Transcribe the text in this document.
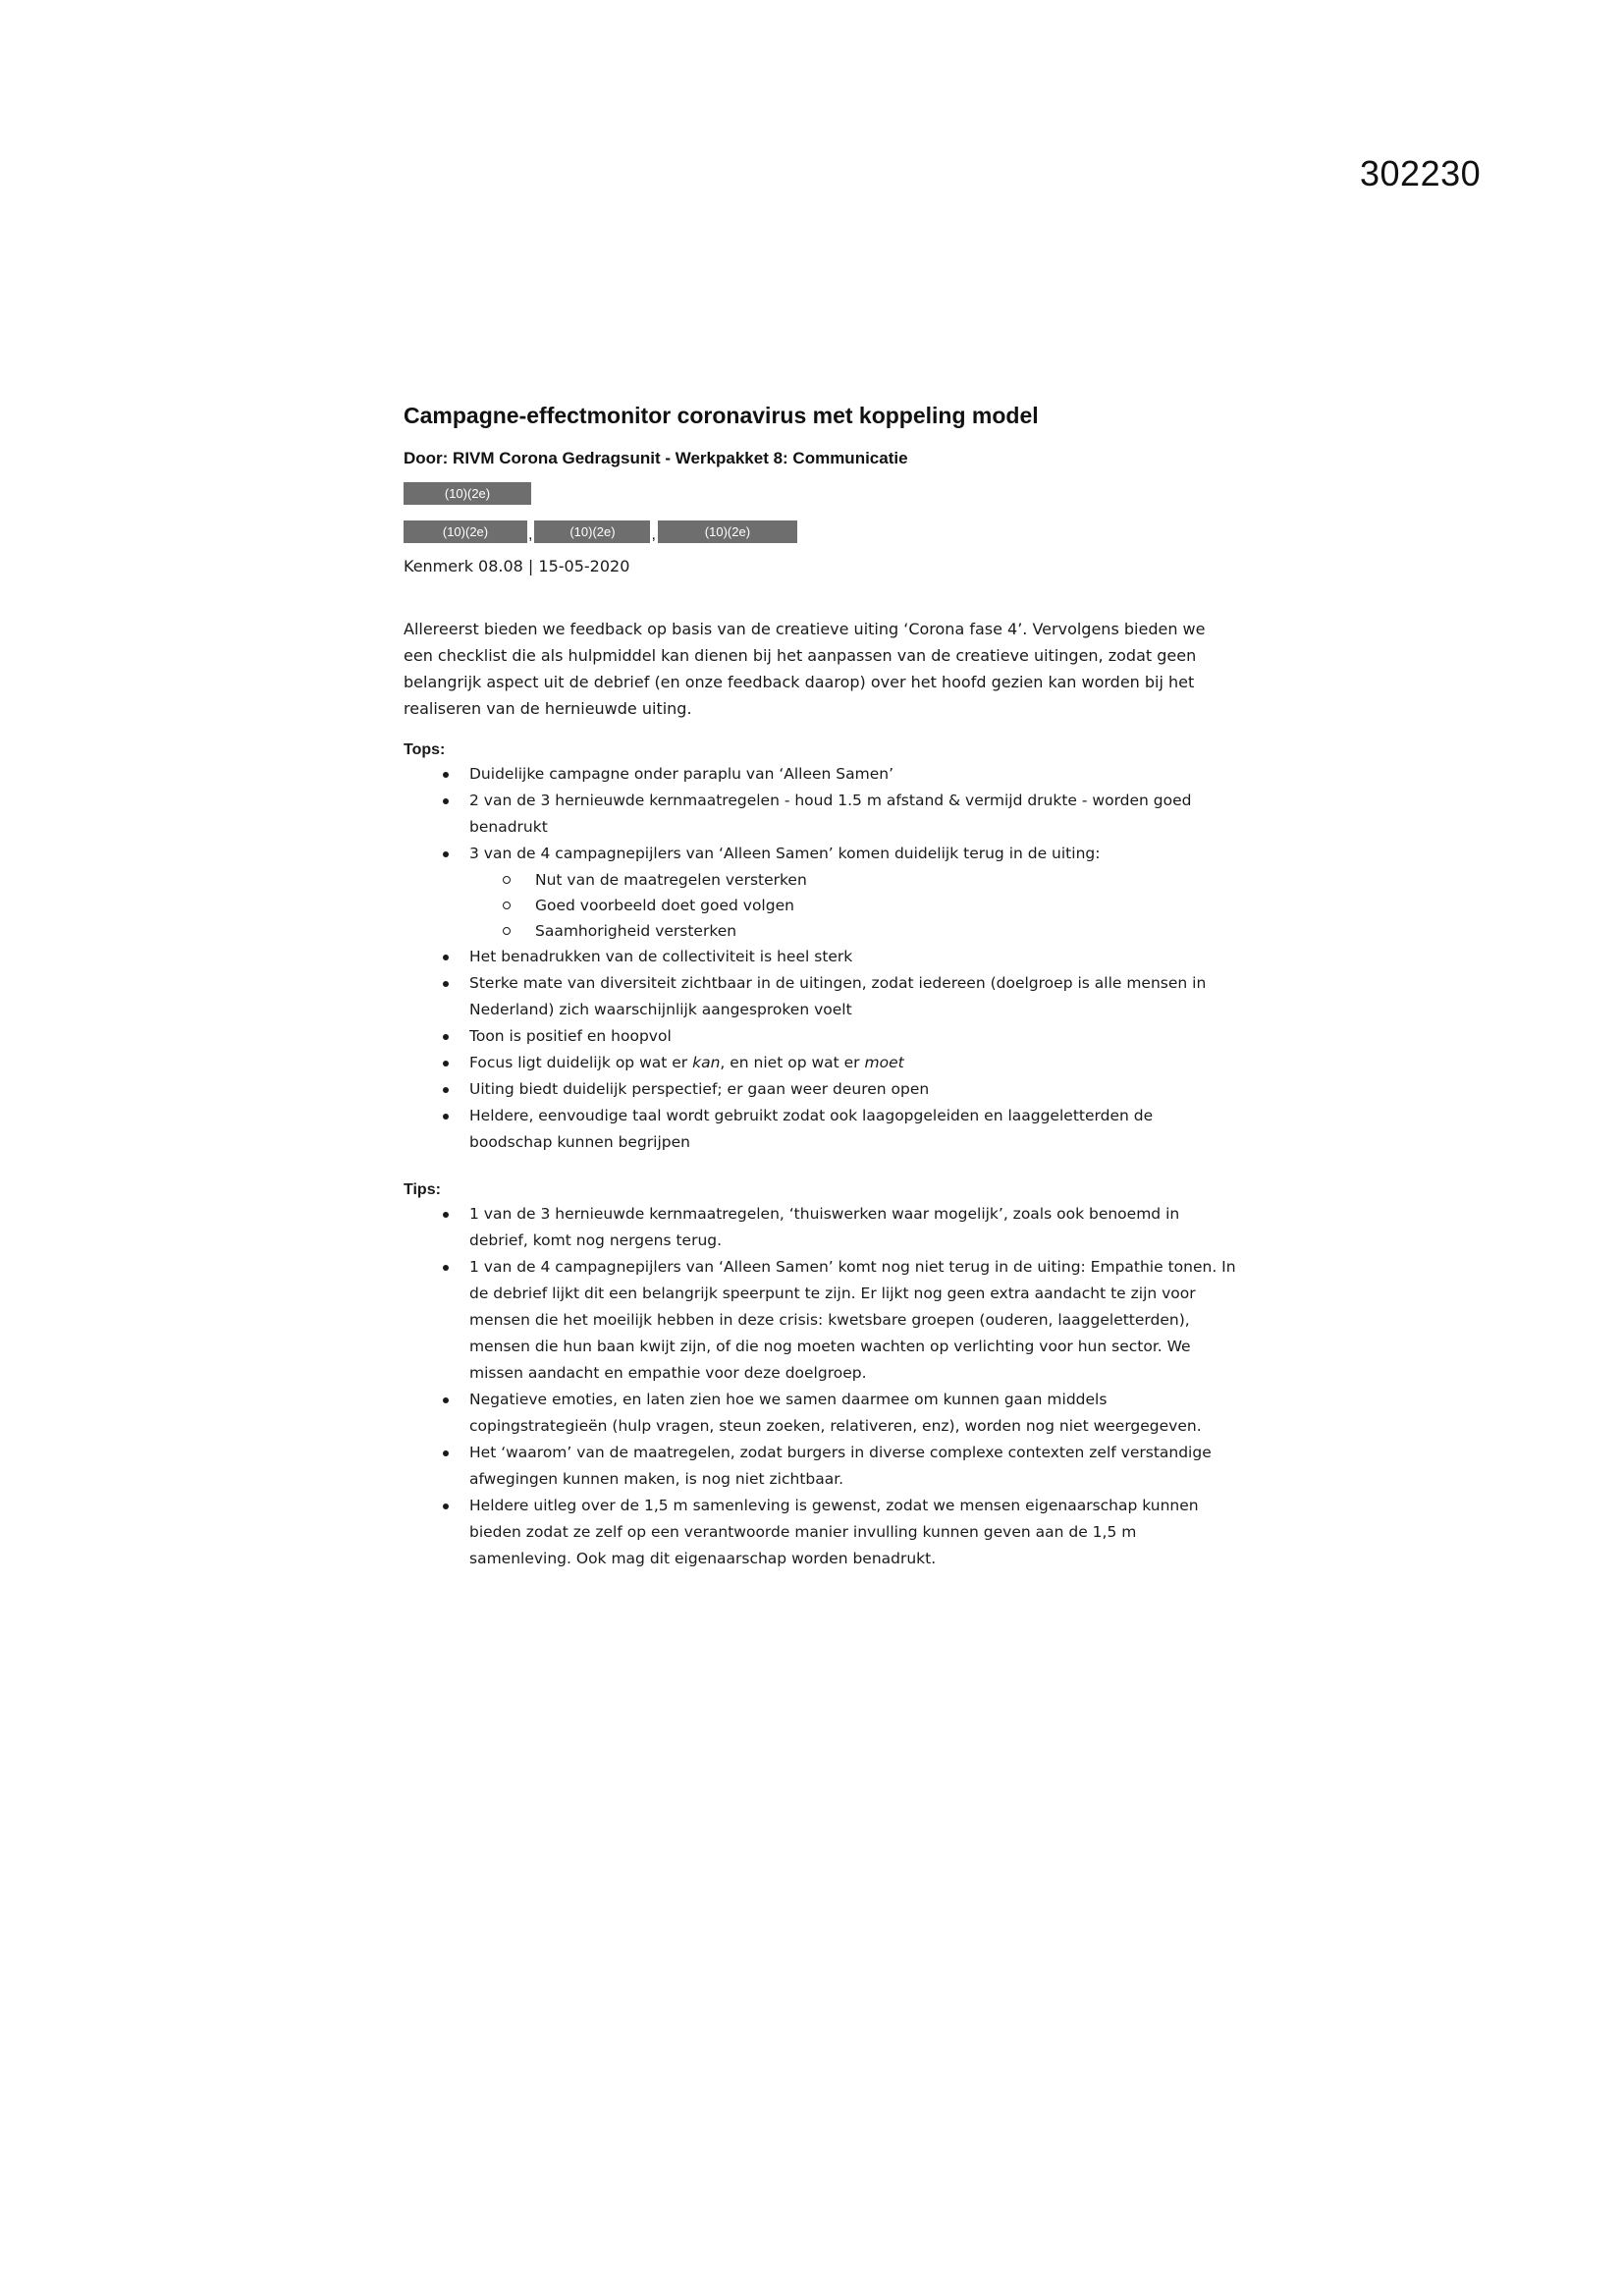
302230
Campagne-effectmonitor coronavirus met koppeling model
Door: RIVM Corona Gedragsunit - Werkpakket 8: Communicatie
(10)(2e)
(10)(2e)	,	(10)(2e)	,	(10)(2e)
Kenmerk 08.08 | 15-05-2020

Allereerst bieden we feedback op basis van de creatieve uiting ‘Corona fase 4’. Vervolgens bieden we een checklist die als hulpmiddel kan dienen bij het aanpassen van de creatieve uitingen, zodat geen belangrijk aspect uit de debrief (en onze feedback daarop) over het hoofd gezien kan worden bij het realiseren van de hernieuwde uiting.

Tops:
Duidelijke campagne onder paraplu van ‘Alleen Samen’
2 van de 3 hernieuwde kernmaatregelen - houd 1.5 m afstand & vermijd drukte - worden goed benadrukt
3 van de 4 campagnepijlers van ‘Alleen Samen’ komen duidelijk terug in de uiting:
Nut van de maatregelen versterken
Goed voorbeeld doet goed volgen
Saamhorigheid versterken
Het benadrukken van de collectiviteit is heel sterk
Sterke mate van diversiteit zichtbaar in de uitingen, zodat iedereen (doelgroep is alle mensen in Nederland) zich waarschijnlijk aangesproken voelt
Toon is positief en hoopvol
Focus ligt duidelijk op wat er kan, en niet op wat er moet
Uiting biedt duidelijk perspectief; er gaan weer deuren open
Heldere, eenvoudige taal wordt gebruikt zodat ook laagopgeleiden en laaggeletterden de boodschap kunnen begrijpen
Tips:
1 van de 3 hernieuwde kernmaatregelen, ‘thuiswerken waar mogelijk’, zoals ook benoemd in debrief, komt nog nergens terug.
1 van de 4 campagnepijlers van ‘Alleen Samen’ komt nog niet terug in de uiting: Empathie tonen. In de debrief lijkt dit een belangrijk speerpunt te zijn. Er lijkt nog geen extra aandacht te zijn voor mensen die het moeilijk hebben in deze crisis: kwetsbare groepen (ouderen, laaggeletterden), mensen die hun baan kwijt zijn, of die nog moeten wachten op verlichting voor hun sector. We missen aandacht en empathie voor deze doelgroep.
Negatieve emoties, en laten zien hoe we samen daarmee om kunnen gaan middels copingstrategieën (hulp vragen, steun zoeken, relativeren, enz), worden nog niet weergegeven.
Het ‘waarom’ van de maatregelen, zodat burgers in diverse complexe contexten zelf verstandige afwegingen kunnen maken, is nog niet zichtbaar.
Heldere uitleg over de 1,5 m samenleving is gewenst, zodat we mensen eigenaarschap kunnen bieden zodat ze zelf op een verantwoorde manier invulling kunnen geven aan de 1,5 m samenleving. Ook mag dit eigenaarschap worden benadrukt.
